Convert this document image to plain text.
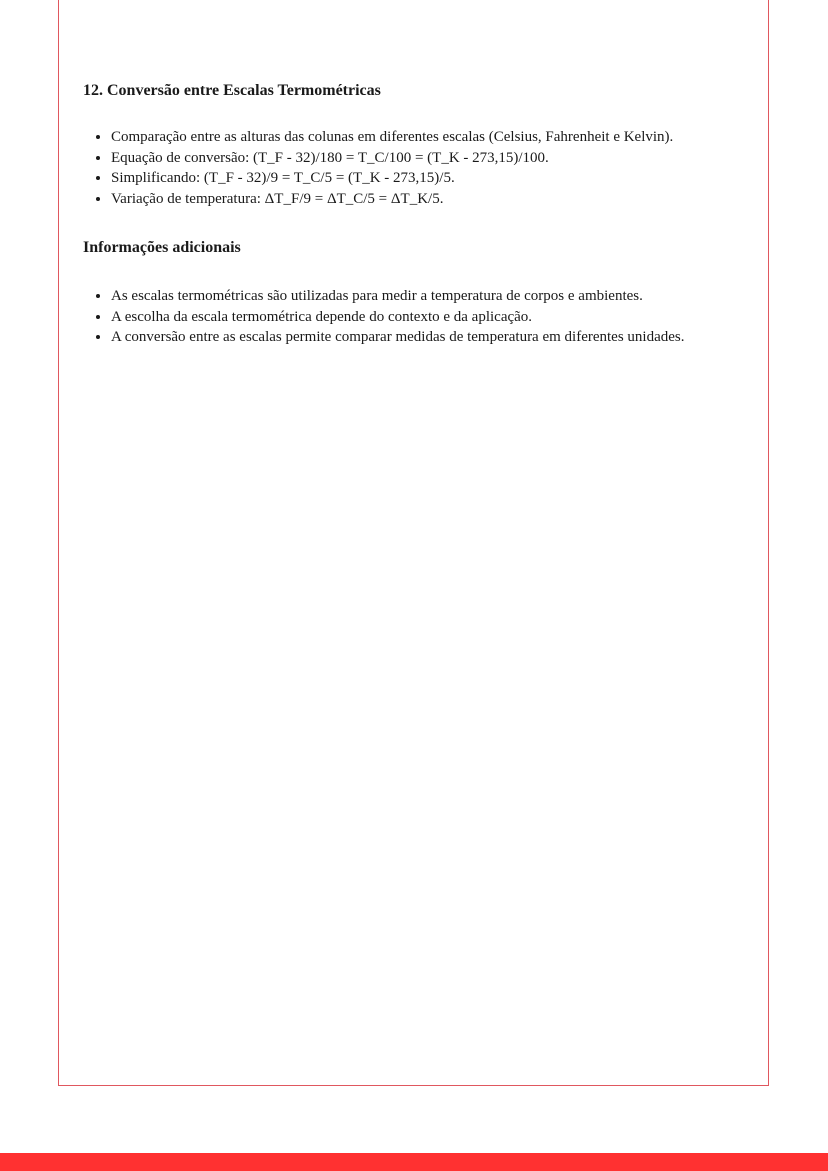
12. Conversão entre Escalas Termométricas
• Comparação entre as alturas das colunas em diferentes escalas (Celsius, Fahrenheit e Kelvin).
• Equação de conversão: (T_F - 32)/180 = T_C/100 = (T_K - 273,15)/100.
• Simplificando: (T_F - 32)/9 = T_C/5 = (T_K - 273,15)/5.
• Variação de temperatura: ΔT_F/9 = ΔT_C/5 = ΔT_K/5.
Informações adicionais
• As escalas termométricas são utilizadas para medir a temperatura de corpos e ambientes.
• A escolha da escala termométrica depende do contexto e da aplicação.
• A conversão entre as escalas permite comparar medidas de temperatura em diferentes unidades.
